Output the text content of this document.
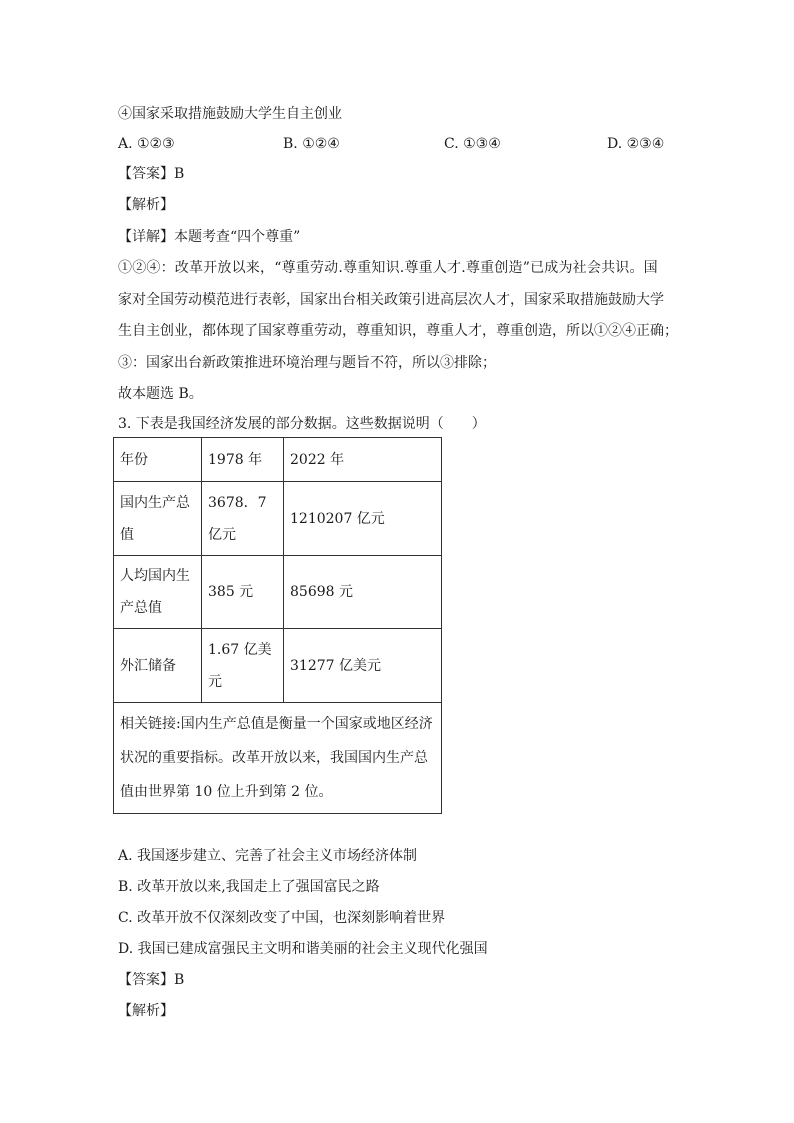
④国家采取措施鼓励大学生自主创业
A. ①②③	B. ①②④	C. ①③④	D. ②③④
【答案】B
【解析】
【详解】本题考查“四个尊重”
①②④：改革开放以来，“尊重劳动.尊重知识.尊重人才.尊重创造”已成为社会共识。国
家对全国劳动模范进行表彰，国家出台相关政策引进高层次人才，国家采取措施鼓励大学
生自主创业，都体现了国家尊重劳动，尊重知识，尊重人才，尊重创造，所以①②④正确；
③：国家出台新政策推进环境治理与题旨不符，所以③排除；
故本题选 B。
3. 下表是我国经济发展的部分数据。这些数据说明（　　）
年份	1978 年	2022 年
国内生产总值	3678．7 亿元	1210207 亿元
人均国内生产总值	385 元	85698 元
外汇储备	1.67 亿美元	31277 亿美元
相关链接:国内生产总值是衡量一个国家或地区经济状况的重要指标。改革开放以来，我国国内生产总值由世界第 10 位上升到第 2 位。		
A. 我国逐步建立、完善了社会主义市场经济体制
B. 改革开放以来,我国走上了强国富民之路
C. 改革开放不仅深刻改变了中国，也深刻影响着世界
D. 我国已建成富强民主文明和谐美丽的社会主义现代化强国
【答案】B
【解析】
